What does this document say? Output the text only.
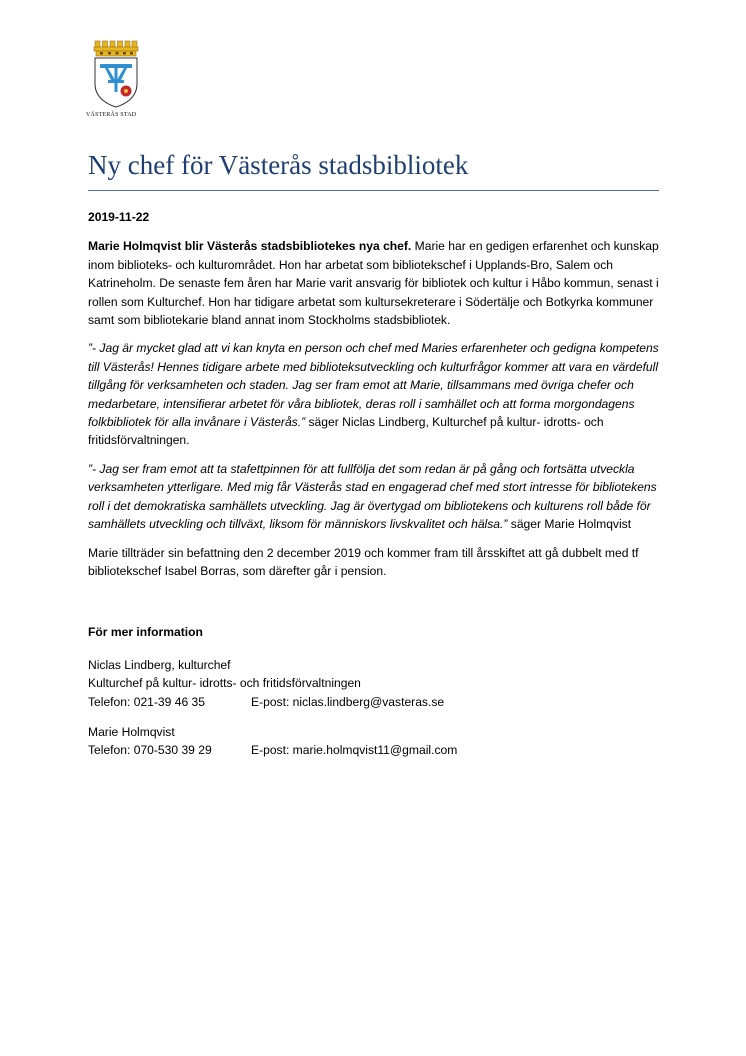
VÄSTERÅS STAD
Ny chef för Västerås stadsbibliotek

2019-11-22

Marie Holmqvist blir Västerås stadsbibliotekes nya chef. Marie har en gedigen erfarenhet och kunskap inom biblioteks- och kulturområdet. Hon har arbetat som bibliotekschef i Upplands-Bro, Salem och Katrineholm. De senaste fem åren har Marie varit ansvarig för bibliotek och kultur i Håbo kommun, senast i rollen som Kulturchef. Hon har tidigare arbetat som kultursekreterare i Södertälje och Botkyrka kommuner samt som bibliotekarie bland annat inom Stockholms stadsbibliotek.

”- Jag är mycket glad att vi kan knyta en person och chef med Maries erfarenheter och gedigna kompetens till Västerås! Hennes tidigare arbete med biblioteksutveckling och kulturfrågor kommer att vara en värdefull tillgång för verksamheten och staden. Jag ser fram emot att Marie, tillsammans med övriga chefer och medarbetare, intensifierar arbetet för våra bibliotek, deras roll i samhället och att forma morgondagens folkbibliotek för alla invånare i Västerås.” säger Niclas Lindberg, Kulturchef på kultur- idrotts- och fritidsförvaltningen.

”- Jag ser fram emot att ta stafettpinnen för att fullfölja det som redan är på gång och fortsätta utveckla verksamheten ytterligare. Med mig får Västerås stad en engagerad chef med stort intresse för bibliotekens roll i det demokratiska samhällets utveckling. Jag är övertygad om bibliotekens och kulturens roll både för samhällets utveckling och tillväxt, liksom för människors livskvalitet och hälsa.” säger Marie Holmqvist

Marie tillträder sin befattning den 2 december 2019 och kommer fram till årsskiftet att gå dubbelt med tf bibliotekschef Isabel Borras, som därefter går i pension.

För mer information

Niclas Lindberg, kulturchef
Kulturchef på kultur- idrotts- och fritidsförvaltningen
Telefon: 021-39 46 35	E-post: niclas.lindberg@vasteras.se
Marie Holmqvist
Telefon: 070-530 39 29	E-post: marie.holmqvist11@gmail.com
